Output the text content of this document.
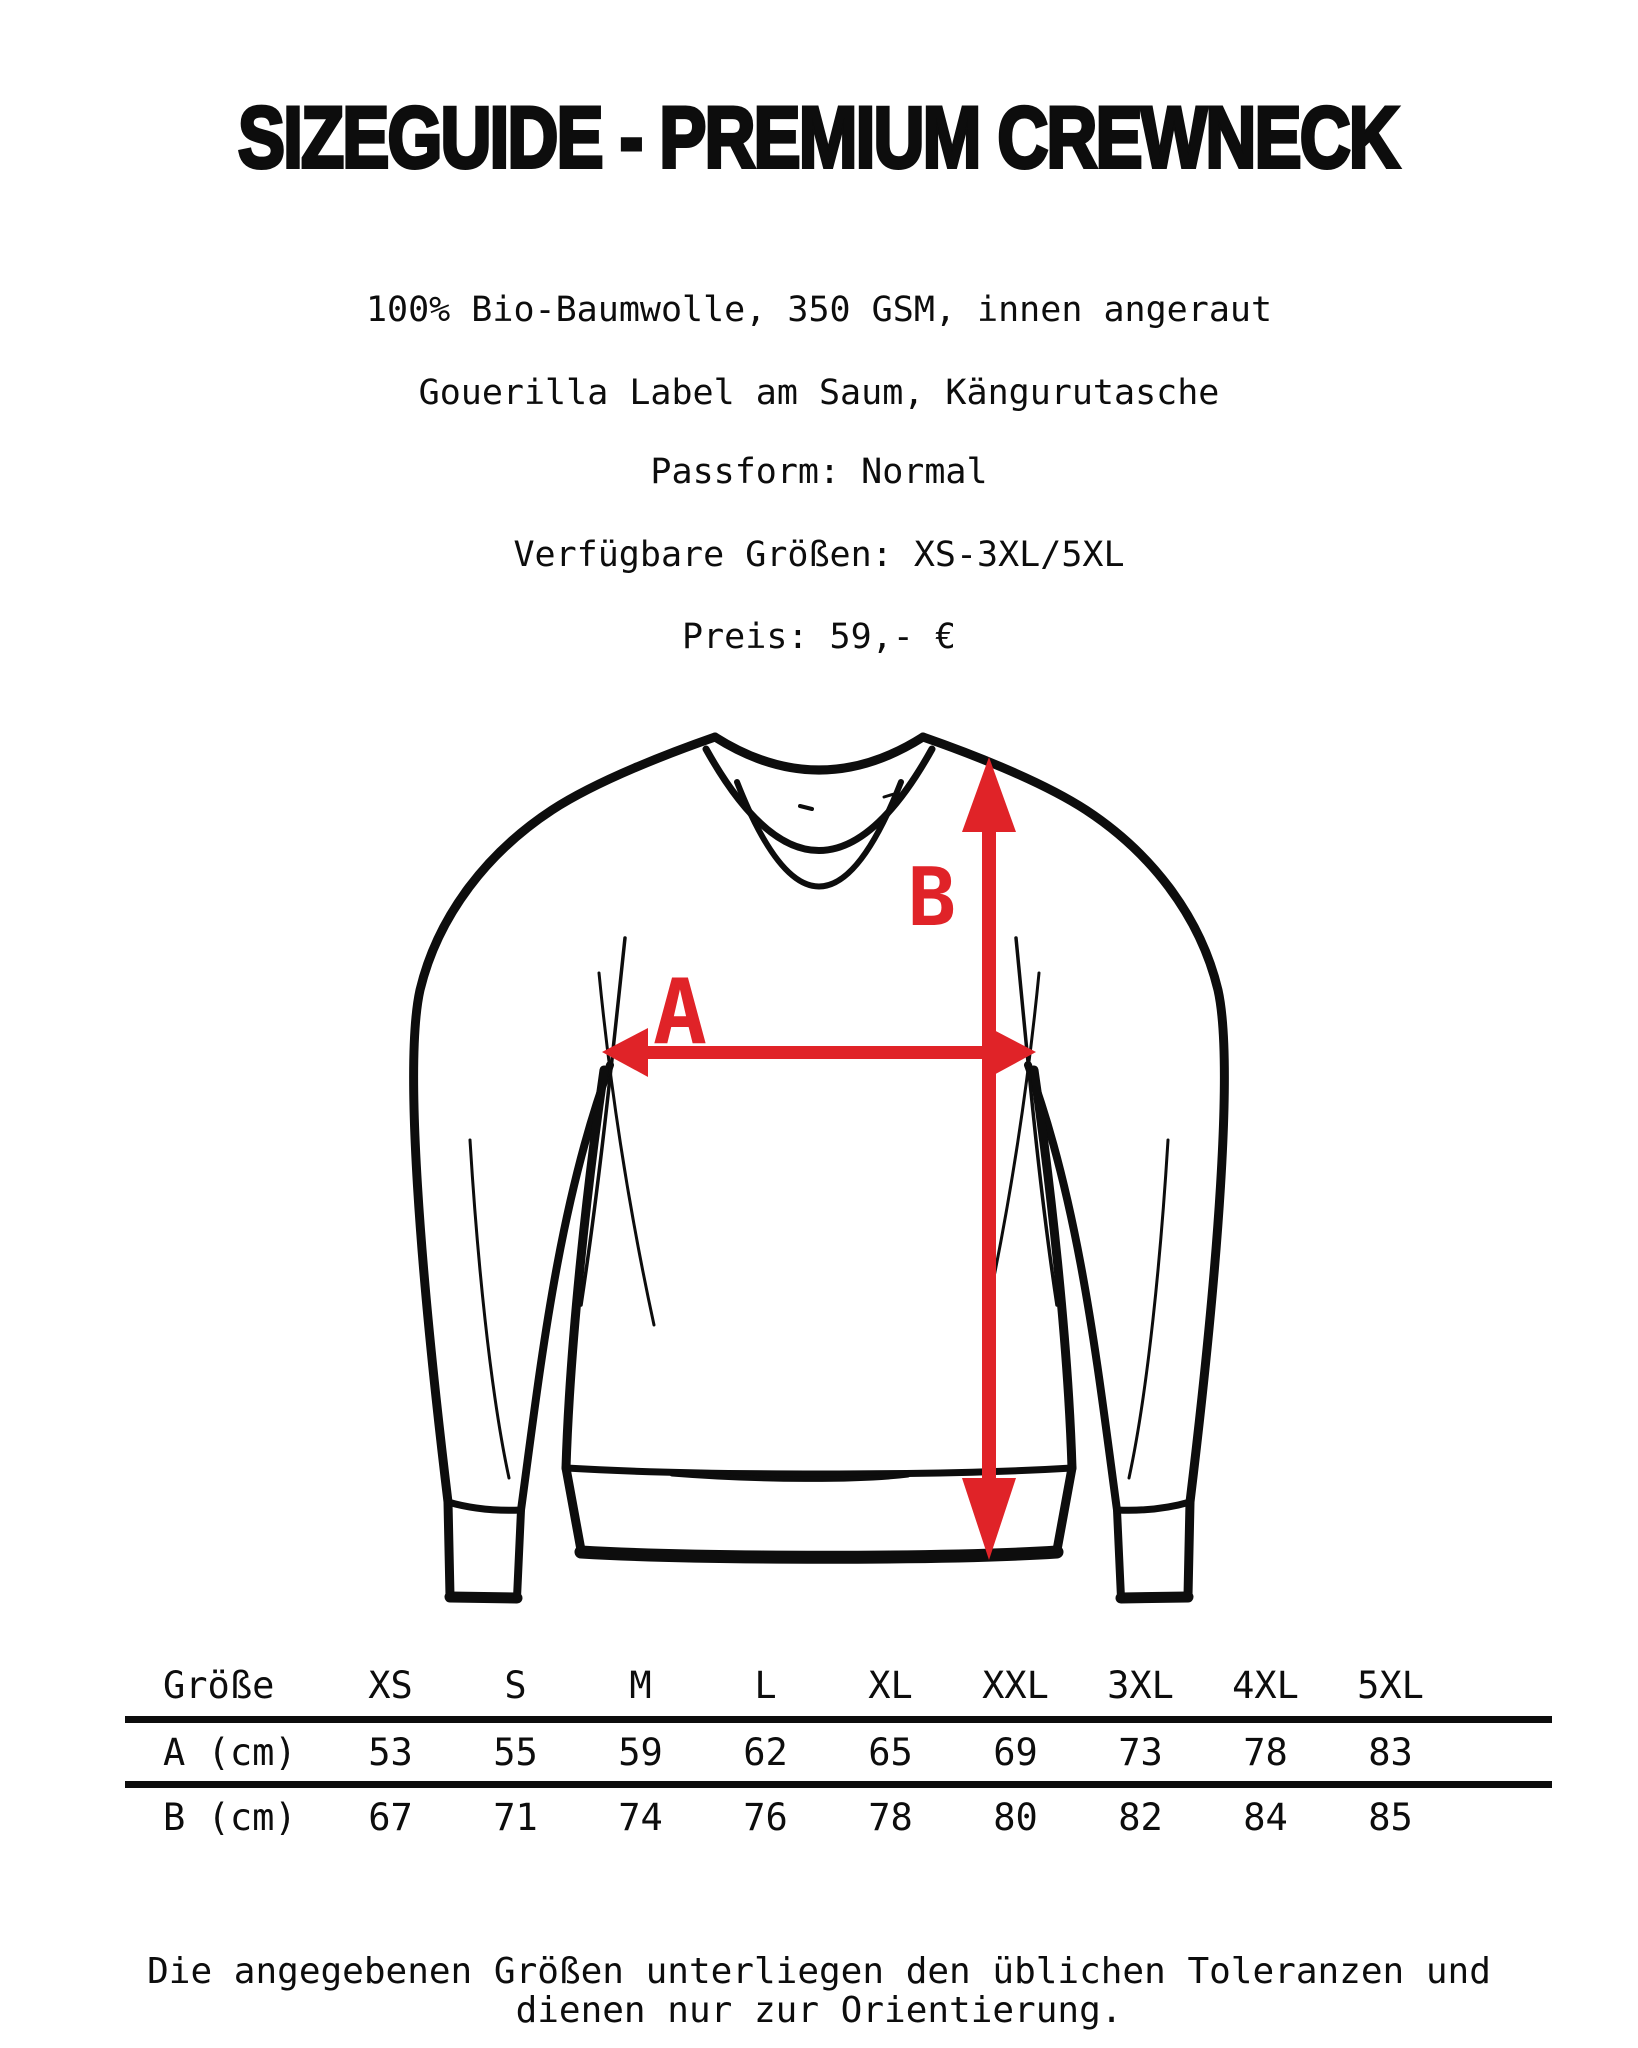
SIZEGUIDE - PREMIUM CREWNECK

100% Bio-Baumwolle, 350 GSM, innen angeraut

Gouerilla Label am Saum, Kängurutasche

Passform: Normal

Verfügbare Größen: XS-3XL/5XL

Preis: 59,- €

A
B
Größe	XS	S	M	L	XL	XXL	3XL	4XL	5XL
A (cm)	53	55	59	62	65	69	73	78	83
B (cm)	67	71	74	76	78	80	82	84	85

Die angegebenen Größen unterliegen den üblichen Toleranzen und

dienen nur zur Orientierung.
